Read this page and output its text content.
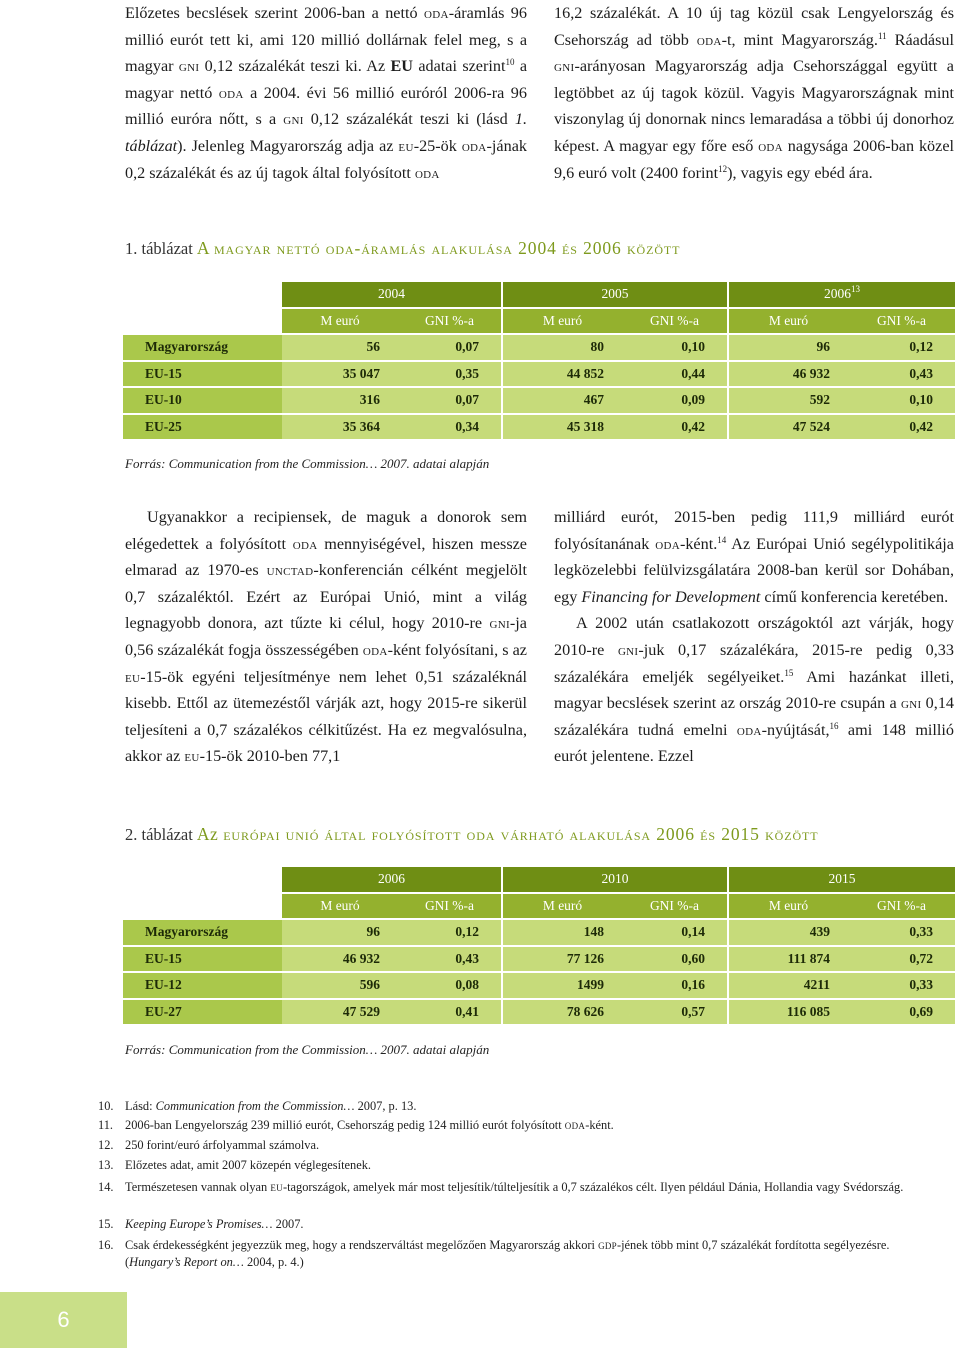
Előzetes becslések szerint 2006-ban a nettó oda-áramlás 96 millió eurót tett ki, ami 120 millió dollárnak felel meg, s a magyar gni 0,12 százalékát teszi ki. Az EU adatai szerint$^{10}$ a magyar nettó oda a 2004. évi 56 millió euróról 2006-ra 96 millió euróra nőtt, s a gni 0,12 százalékát teszi ki (lásd 1. táblázat). Jelenleg Magyarország adja az eu-25-ök oda-jának 0,2 százalékát és az új tagok által folyósított oda

16,2 százalékát. A 10 új tag közül csak Lengyelország és Csehország ad több oda-t, mint Magyarország.$^{11}$ Ráadásul gni-arányosan Magyarország adja Csehországgal együtt a legtöbbet az új tagok közül. Vagyis Magyarországnak mint viszonylag új donornak nincs lemaradása a többi új donorhoz képest. A magyar egy főre eső oda nagysága 2006-ban közel 9,6 euró volt (2400 forint$^{12}$), vagyis egy ebéd ára.

1. táblázat A magyar nettó oda-áramlás alakulása 2004 és 2006 között
	2004		2005		2006$^{13}$
	M euró	GNI %-a	M euró	GNI %-a	M euró	GNI %-a
Magyarország	56	0,07	80	0,10	96	0,12
EU-15	35 047	0,35	44 852	0,44	46 932	0,43
EU-10	316	0,07	467	0,09	592	0,10
EU-25	35 364	0,34	45 318	0,42	47 524	0,42
Forrás: Communication from the Commission… 2007. adatai alapján

Ugyanakkor a recipiensek, de maguk a donorok sem elégedettek a folyósított oda mennyiségével, hiszen messze elmarad az 1970-es unctad-konferencián célként megjelölt 0,7 százaléktól. Ezért az Európai Unió, mint a világ legnagyobb donora, azt tűzte ki célul, hogy 2010-re gni-ja 0,56 százalékát fogja összességében oda-ként folyósítani, s az eu-15-ök egyéni teljesítménye nem lehet 0,51 százaléknál kisebb. Ettől az ütemezéstől várják azt, hogy 2015-re sikerül teljesíteni a 0,7 százalékos célkitűzést. Ha ez megvalósulna, akkor az eu-15-ök 2010-ben 77,1

milliárd eurót, 2015-ben pedig 111,9 milliárd eurót folyósítanának oda-ként.$^{14}$ Az Európai Unió segélypolitikája legközelebbi felülvizsgálatára 2008-ban kerül sor Dohában, egy Financing for Development című konferencia keretében.

A 2002 után csatlakozott országoktól azt várják, hogy 2010-re gni-juk 0,17 százalékára, 2015-re pedig 0,33 százalékára emeljék segélyeiket.$^{15}$ Ami hazánkat illeti, magyar becslések szerint az ország 2010-re csupán a gni 0,14 százalékára tudná emelni oda-nyújtását,$^{16}$ ami 148 millió eurót jelentene. Ezzel

2. táblázat Az európai unió által folyósított oda várható alakulása 2006 és 2015 között
	2006		2010		2015	
	M euró	GNI %-a	M euró	GNI %-a	M euró	GNI %-a
Magyarország	96	0,12	148	0,14	439	0,33
EU-15	46 932	0,43	77 126	0,60	111 874	0,72
EU-12	596	0,08	1499	0,16	4211	0,33
EU-27	47 529	0,41	78 626	0,57	116 085	0,69
Forrás: Communication from the Commission… 2007. adatai alapján
10. Lásd: Communication from the Commission… 2007, p. 13.
11. 2006-ban Lengyelország 239 millió eurót, Csehország pedig 124 millió eurót folyósított oda-ként.
12. 250 forint/euró árfolyammal számolva.
13. Előzetes adat, amit 2007 közepén véglegesítenek.
14. Természetesen vannak olyan eu-tagországok, amelyek már most teljesítik/túlteljesítik a 0,7 százalékos célt. Ilyen például Dánia, Hollandia vagy Svédország.
15. Keeping Europe’s Promises… 2007.
16. Csak érdekességként jegyezzük meg, hogy a rendszerváltást megelőzően Magyarország akkori gdp-jének több mint 0,7 százalékát fordította segélyezésre. (Hungary’s Report on… 2004, p. 4.)
6
